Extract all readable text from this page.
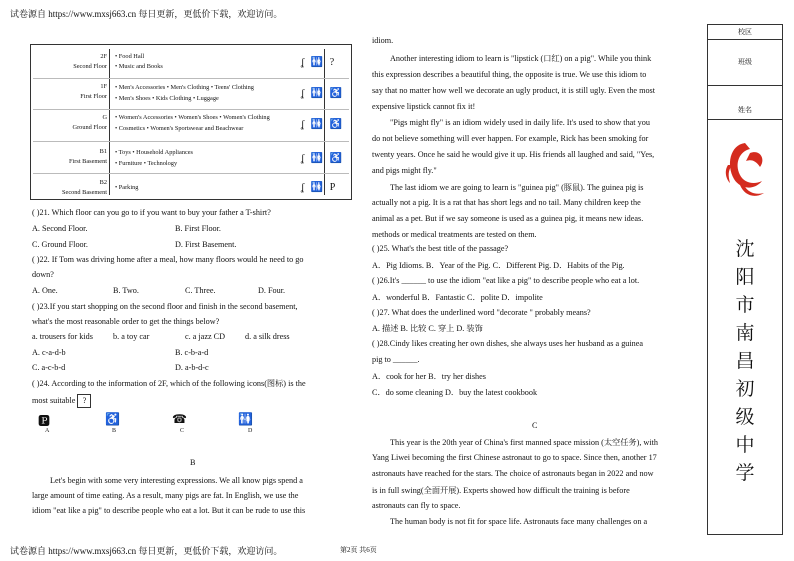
试卷源自 https://www.mxsj663.cn 每日更新，更低价下载，欢迎访问。
2F
Second Floor
• Food Hall
• Music and Books	ʆ 🚻 ?
1F
First Floor
• Men's Accessories • Men's Clothing • Teens' Clothing
• Men's Shoes • Kids Clothing • Luggage	ʆ 🚻 ♿
G
Ground Floor
• Women's Accessories • Women's Shoes • Women's Clothing
• Cosmetics • Women's Sportswear and Beachwear	ʆ 🚻 ♿
B1
First Basement
• Toys • Household Appliances
• Furniture • Technology	ʆ 🚻 ♿
B2
Second Basement
• Parking	ʆ 🚻 P
( )21. Which floor can you go to if you want to buy your father a T-shirt?
A. Second Floor.	B. First Floor.
C. Ground Floor.	D. First Basement.
( )22. If Tom was driving home after a meal, how many floors would he need to go
down?
A. One.	B. Two.	C. Three.	D. Four.
( )23.If you start shopping on the second floor and finish in the second basement,
what's the most reasonable order to get the things below?
a. trousers for kids b. a toy car	c. a jazz CD d. a silk dress
A. c-a-d-b	B. c-b-a-d
C. a-c-b-d	D. a-b-d-c
( )24. According to the information of 2F, which of the following icons(图标) is the
most suitable ?
🅿	♿	☎	🚻
A	B	C	D
B
Let's begin with some very interesting expressions. We all know pigs spend a
large amount of time eating. As a result, many pigs are fat. In English, we use the
idiom "eat like a pig" to describe people who eat a lot. But it can be rude to use this
idiom.
Another interesting idiom to learn is "lipstick (口红) on a pig". While you think
this expression describes a beautiful thing, the opposite is true. We use this idiom to
say that no matter how well we decorate an ugly product, it is still ugly. Even the most
expensive lipstick cannot fix it!
"Pigs might fly" is an idiom widely used in daily life. It's used to show that you
do not believe something will ever happen. For example, Rick has been smoking for
twenty years. Once he said he would give it up. His friends all laughed and said, "Yes,
and pigs might fly."
The last idiom we are going to learn is "guinea pig" (豚鼠). The guinea pig is
actually not a pig. It is a rat that has short legs and no tail. Many children keep the
animal as a pet. But if we say someone is used as a guinea pig, it means new ideas.
methods or medical treatments are tested on them.
( )25. What's the best title of the passage?
A．Pig Idioms. B．Year of the Pig. C．Different Pig. D．Habits of the Pig.
( )26.It's ______ to use the idiom "eat like a pig" to describe people who eat a lot.
A．wonderful B．Fantastic C．polite D．impolite
( )27. What does the underlined word "decorate " probably means?
A. 描述 B. 比较 C. 穿上 D. 装饰
( )28.Cindy likes creating her own dishes, she always uses her husband as a guinea
pig to ______.
A．cook for her B．try her dishes
C．do some cleaning D．buy the latest cookbook
C
This year is the 20th year of China's first manned space mission (太空任务), with
Yang Liwei becoming the first Chinese astronaut to go to space. Since then, another 17
astronauts have reached for the stars. The choice of astronauts began in 2022 and now
is in full swing(全面开展). Experts showed how difficult the training is before
astronauts can fly to space.
The human body is not fit for space life. Astronauts face many challenges on a
校区
班级
姓名
沈
阳
市
南
昌
初
级
中
学
试卷源自 https://www.mxsj663.cn 每日更新，更低价下载，欢迎访问。	第2页 共6页
